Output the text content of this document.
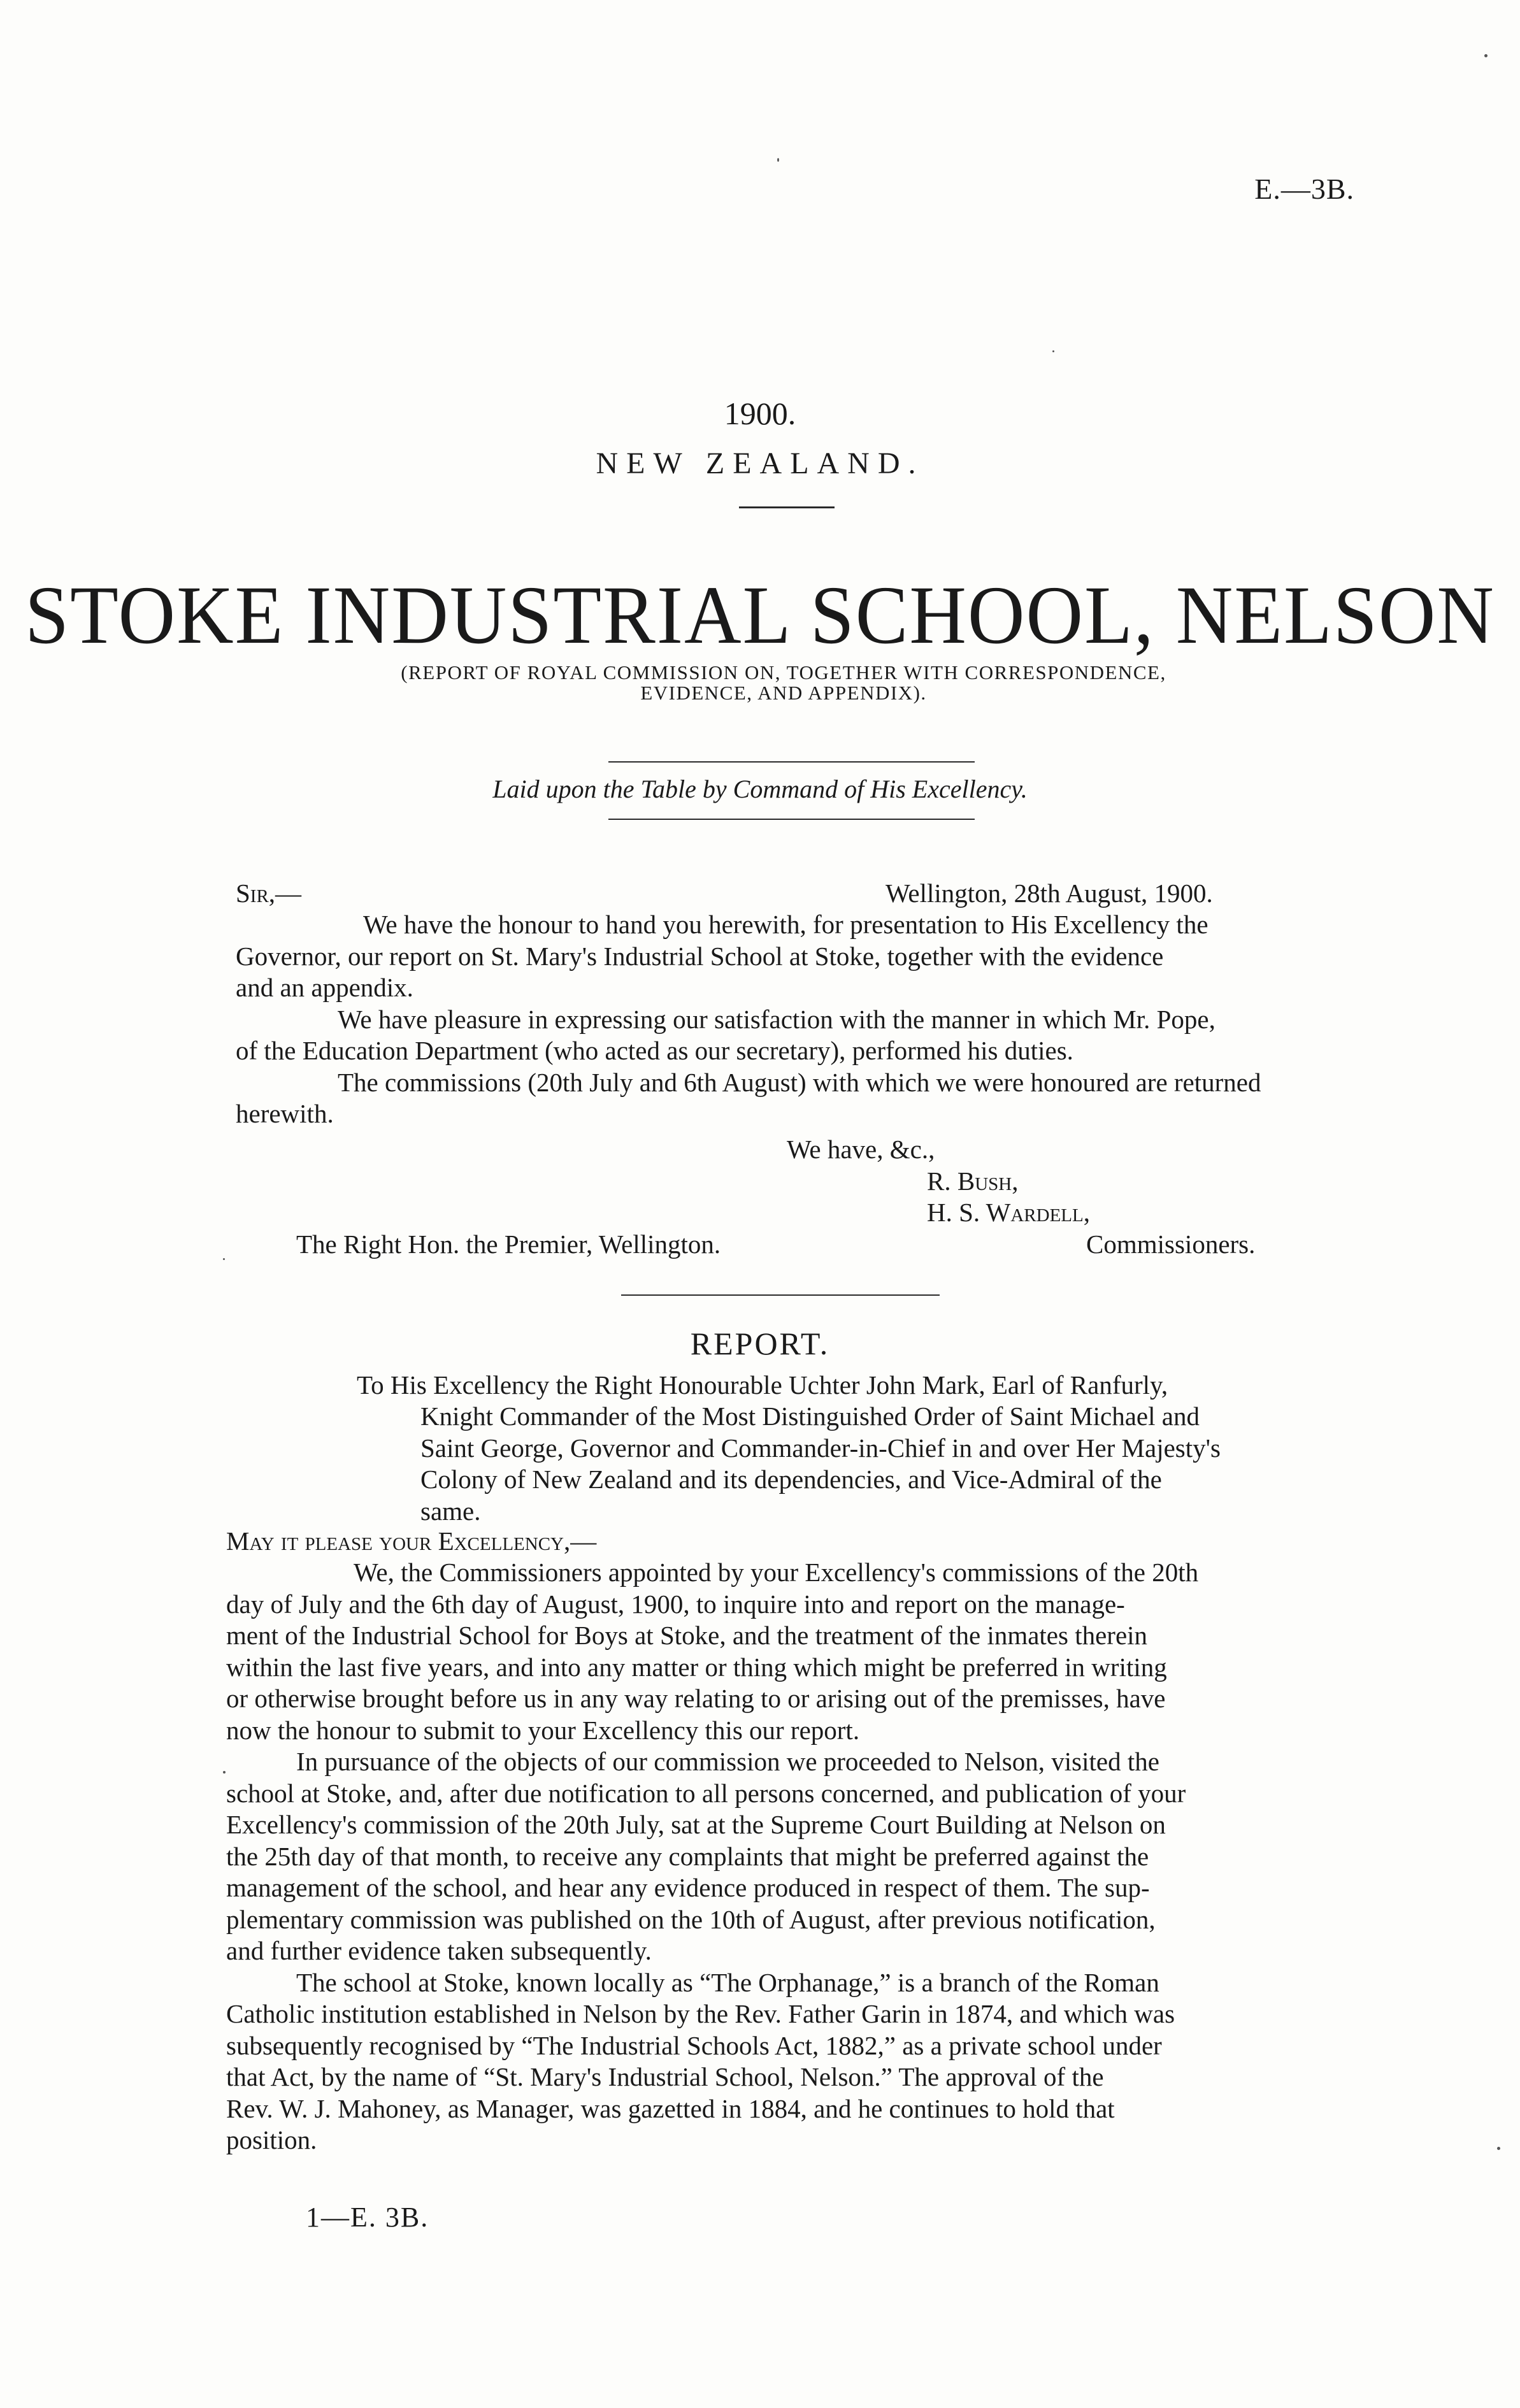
E.—3B.
1900.
NEW ZEALAND.
STOKE INDUSTRIAL SCHOOL, NELSON
(REPORT OF ROYAL COMMISSION ON, TOGETHER WITH CORRESPONDENCE,
EVIDENCE, AND APPENDIX).
Laid upon the Table by Command of His Excellency.
Sir,—	Wellington, 28th August, 1900.
We have the honour to hand you herewith, for presentation to His Excellency the
Governor, our report on St. Mary's Industrial School at Stoke, together with the evidence
and an appendix.
We have pleasure in expressing our satisfaction with the manner in which Mr. Pope,
of the Education Department (who acted as our secretary), performed his duties.
The commissions (20th July and 6th August) with which we were honoured are returned
herewith.
We have, &c.,
R. Bush,
H. S. Wardell,
The Right Hon. the Premier, Wellington.	Commissioners.
REPORT.
To His Excellency the Right Honourable Uchter John Mark, Earl of Ranfurly,
Knight Commander of the Most Distinguished Order of Saint Michael and
Saint George, Governor and Commander-in-Chief in and over Her Majesty's
Colony of New Zealand and its dependencies, and Vice-Admiral of the
same.
May it please your Excellency,—
We, the Commissioners appointed by your Excellency's commissions of the 20th
day of July and the 6th day of August, 1900, to inquire into and report on the manage-
ment of the Industrial School for Boys at Stoke, and the treatment of the inmates therein
within the last five years, and into any matter or thing which might be preferred in writing
or otherwise brought before us in any way relating to or arising out of the premisses, have
now the honour to submit to your Excellency this our report.
In pursuance of the objects of our commission we proceeded to Nelson, visited the
school at Stoke, and, after due notification to all persons concerned, and publication of your
Excellency's commission of the 20th July, sat at the Supreme Court Building at Nelson on
the 25th day of that month, to receive any complaints that might be preferred against the
management of the school, and hear any evidence produced in respect of them. The sup-
plementary commission was published on the 10th of August, after previous notification,
and further evidence taken subsequently.
The school at Stoke, known locally as “The Orphanage,” is a branch of the Roman
Catholic institution established in Nelson by the Rev. Father Garin in 1874, and which was
subsequently recognised by “The Industrial Schools Act, 1882,” as a private school under
that Act, by the name of “St. Mary's Industrial School, Nelson.” The approval of the
Rev. W. J. Mahoney, as Manager, was gazetted in 1884, and he continues to hold that
position.
1—E. 3B.
